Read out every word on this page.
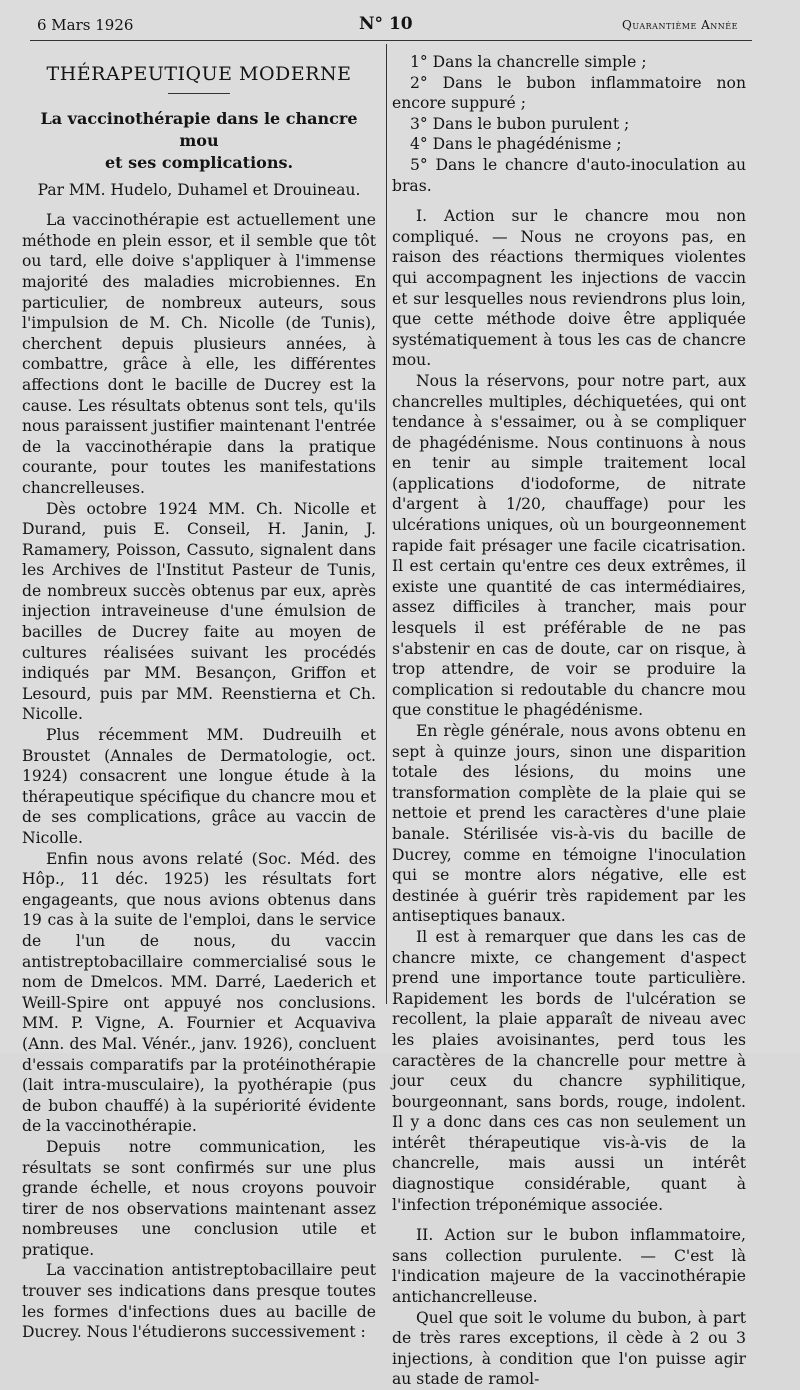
6 Mars 1926	N° 10	Quarantième Année
THÉRAPEUTIQUE MODERNE
La vaccinothérapie dans le chancre mou
et ses complications.
Par MM. Hudelo, Duhamel et Drouineau.

La vaccinothérapie est actuellement une méthode en plein essor, et il semble que tôt ou tard, elle doive s'appliquer à l'immense majorité des maladies microbiennes. En particulier, de nombreux auteurs, sous l'impulsion de M. Ch. Nicolle (de Tunis), cherchent depuis plusieurs années, à combattre, grâce à elle, les différentes affections dont le bacille de Ducrey est la cause. Les résultats obtenus sont tels, qu'ils nous paraissent justifier maintenant l'entrée de la vaccinothérapie dans la pratique courante, pour toutes les manifestations chancrelleuses.

Dès octobre 1924 MM. Ch. Nicolle et Durand, puis E. Conseil, H. Janin, J. Ramamery, Poisson, Cassuto, signalent dans les Archives de l'Institut Pasteur de Tunis, de nombreux succès obtenus par eux, après injection intraveineuse d'une émulsion de bacilles de Ducrey faite au moyen de cultures réalisées suivant les procédés indiqués par MM. Besançon, Griffon et Lesourd, puis par MM. Reenstierna et Ch. Nicolle.

Plus récemment MM. Dudreuilh et Broustet (Annales de Dermatologie, oct. 1924) consacrent une longue étude à la thérapeutique spécifique du chancre mou et de ses complications, grâce au vaccin de Nicolle.

Enfin nous avons relaté (Soc. Méd. des Hôp., 11 déc. 1925) les résultats fort engageants, que nous avions obtenus dans 19 cas à la suite de l'emploi, dans le service de l'un de nous, du vaccin antistreptobacillaire commercialisé sous le nom de Dmelcos. MM. Darré, Laederich et Weill-Spire ont appuyé nos conclusions. MM. P. Vigne, A. Fournier et Acquaviva (Ann. des Mal. Vénér., janv. 1926), concluent d'essais comparatifs par la protéinothérapie (lait intra-musculaire), la pyothérapie (pus de bubon chauffé) à la supériorité évidente de la vaccinothérapie.

Depuis notre communication, les résultats se sont confirmés sur une plus grande échelle, et nous croyons pouvoir tirer de nos observations maintenant assez nombreuses une conclusion utile et pratique.

La vaccination antistreptobacillaire peut trouver ses indications dans presque toutes les formes d'infections dues au bacille de Ducrey. Nous l'étudierons successivement :

1° Dans la chancrelle simple ;

2° Dans le bubon inflammatoire non encore suppuré ;

3° Dans le bubon purulent ;

4° Dans le phagédénisme ;

5° Dans le chancre d'auto-inoculation au bras.

I. Action sur le chancre mou non compliqué. — Nous ne croyons pas, en raison des réactions thermiques violentes qui accompagnent les injections de vaccin et sur lesquelles nous reviendrons plus loin, que cette méthode doive être appliquée systématiquement à tous les cas de chancre mou.

Nous la réservons, pour notre part, aux chancrelles multiples, déchiquetées, qui ont tendance à s'essaimer, ou à se compliquer de phagédénisme. Nous continuons à nous en tenir au simple traitement local (applications d'iodoforme, de nitrate d'argent à 1/20, chauffage) pour les ulcérations uniques, où un bourgeonnement rapide fait présager une facile cicatrisation. Il est certain qu'entre ces deux extrêmes, il existe une quantité de cas intermédiaires, assez difficiles à trancher, mais pour lesquels il est préférable de ne pas s'abstenir en cas de doute, car on risque, à trop attendre, de voir se produire la complication si redoutable du chancre mou que constitue le phagédénisme.

En règle générale, nous avons obtenu en sept à quinze jours, sinon une disparition totale des lésions, du moins une transformation complète de la plaie qui se nettoie et prend les caractères d'une plaie banale. Stérilisée vis-à-vis du bacille de Ducrey, comme en témoigne l'inoculation qui se montre alors négative, elle est destinée à guérir très rapidement par les antiseptiques banaux.

Il est à remarquer que dans les cas de chancre mixte, ce changement d'aspect prend une importance toute particulière. Rapidement les bords de l'ulcération se recollent, la plaie apparaît de niveau avec les plaies avoisinantes, perd tous les caractères de la chancrelle pour mettre à jour ceux du chancre syphilitique, bourgeonnant, sans bords, rouge, indolent. Il y a donc dans ces cas non seulement un intérêt thérapeutique vis-à-vis de la chancrelle, mais aussi un intérêt diagnostique considérable, quant à l'infection tréponémique associée.

II. Action sur le bubon inflammatoire, sans collection purulente. — C'est là l'indication majeure de la vaccinothérapie antichancrelleuse.

Quel que soit le volume du bubon, à part de très rares exceptions, il cède à 2 ou 3 injections, à condition que l'on puisse agir au stade de ramol-
